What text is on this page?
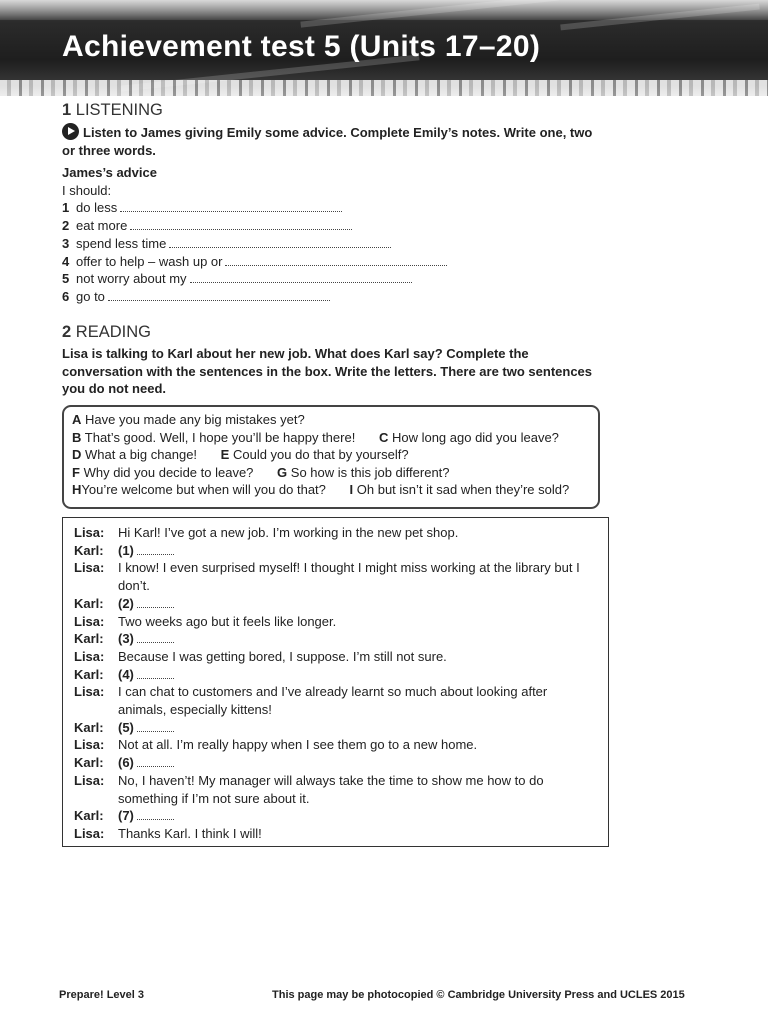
Achievement test 5 (Units 17–20)
1 LISTENING

Listen to James giving Emily some advice. Complete Emily’s notes. Write one, two or three words.

James’s advice
I should:
1 do less
2 eat more
3 spend less time
4 offer to help – wash up or
5 not worry about my
6 go to
2 READING

Lisa is talking to Karl about her new job. What does Karl say? Complete the conversation with the sentences in the box. Write the letters. There are two sentences you do not need.

A Have you made any big mistakes yet?
B That’s good. Well, I hope you’ll be happy there! C How long ago did you leave?
D What a big change! E Could you do that by yourself?
F Why did you decide to leave? G So how is this job different?
HYou’re welcome but when will you do that? I Oh but isn’t it sad when they’re sold?
Lisa:	Hi Karl! I’ve got a new job. I’m working in the new pet shop.
Karl:	(1)
Lisa:	I know! I even surprised myself! I thought I might miss working at the library but I don’t.
Karl:	(2)
Lisa:	Two weeks ago but it feels like longer.
Karl:	(3)
Lisa:	Because I was getting bored, I suppose. I’m still not sure.
Karl:	(4)
Lisa:	I can chat to customers and I’ve already learnt so much about looking after animals, especially kittens!
Karl:	(5)
Lisa:	Not at all. I’m really happy when I see them go to a new home.
Karl:	(6)
Lisa:	No, I haven’t! My manager will always take the time to show me how to do something if I’m not sure about it.
Karl:	(7)
Lisa:	Thanks Karl. I think I will!
Prepare! Level 3	This page may be photocopied © Cambridge University Press and UCLES 2015
